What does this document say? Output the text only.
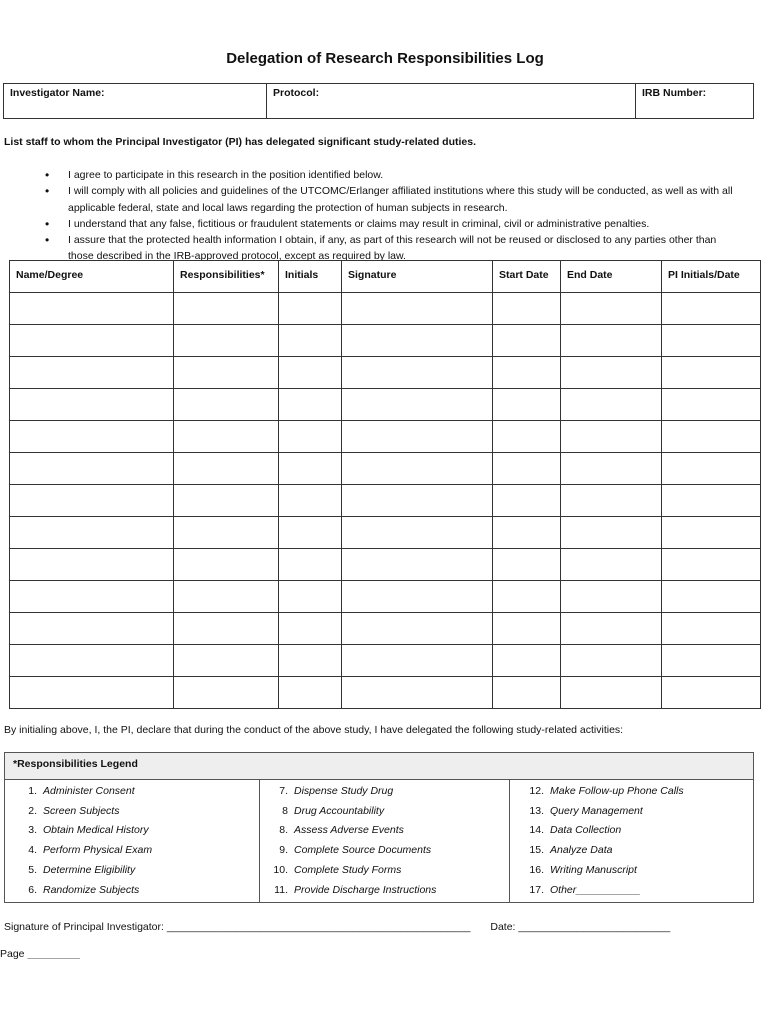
Delegation of Research Responsibilities Log
Investigator Name:	Protocol:	IRB Number:
List staff to whom the Principal Investigator (PI) has delegated significant study-related duties.
• I agree to participate in this research in the position identified below.
• I will comply with all policies and guidelines of the UTCOMC/Erlanger affiliated institutions where this study will be conducted, as well as with all applicable federal, state and local laws regarding the protection of human subjects in research.
• I understand that any false, fictitious or fraudulent statements or claims may result in criminal, civil or administrative penalties.
• I assure that the protected health information I obtain, if any, as part of this research will not be reused or disclosed to any parties other than those described in the IRB-approved protocol, except as required by law.
Name/Degree	Responsibilities*	Initials	Signature	Start Date	End Date	PI Initials/Date

By initialing above, I, the PI, declare that during the conduct of the above study, I have delegated the following study-related activities:
*Responsibilities Legend
1. Administer Consent
2. Screen Subjects
3. Obtain Medical History
4. Perform Physical Exam
5. Determine Eligibility
6. Randomize Subjects
7. Dispense Study Drug
8 Drug Accountability
8. Assess Adverse Events
9. Complete Source Documents
10. Complete Study Forms
11. Provide Discharge Instructions
12. Make Follow-up Phone Calls
13. Query Management
14. Data Collection
15. Analyze Data
16. Writing Manuscript
17. Other___________
Signature of Principal Investigator: ____________________________________________________ Date: __________________________
Page _________
